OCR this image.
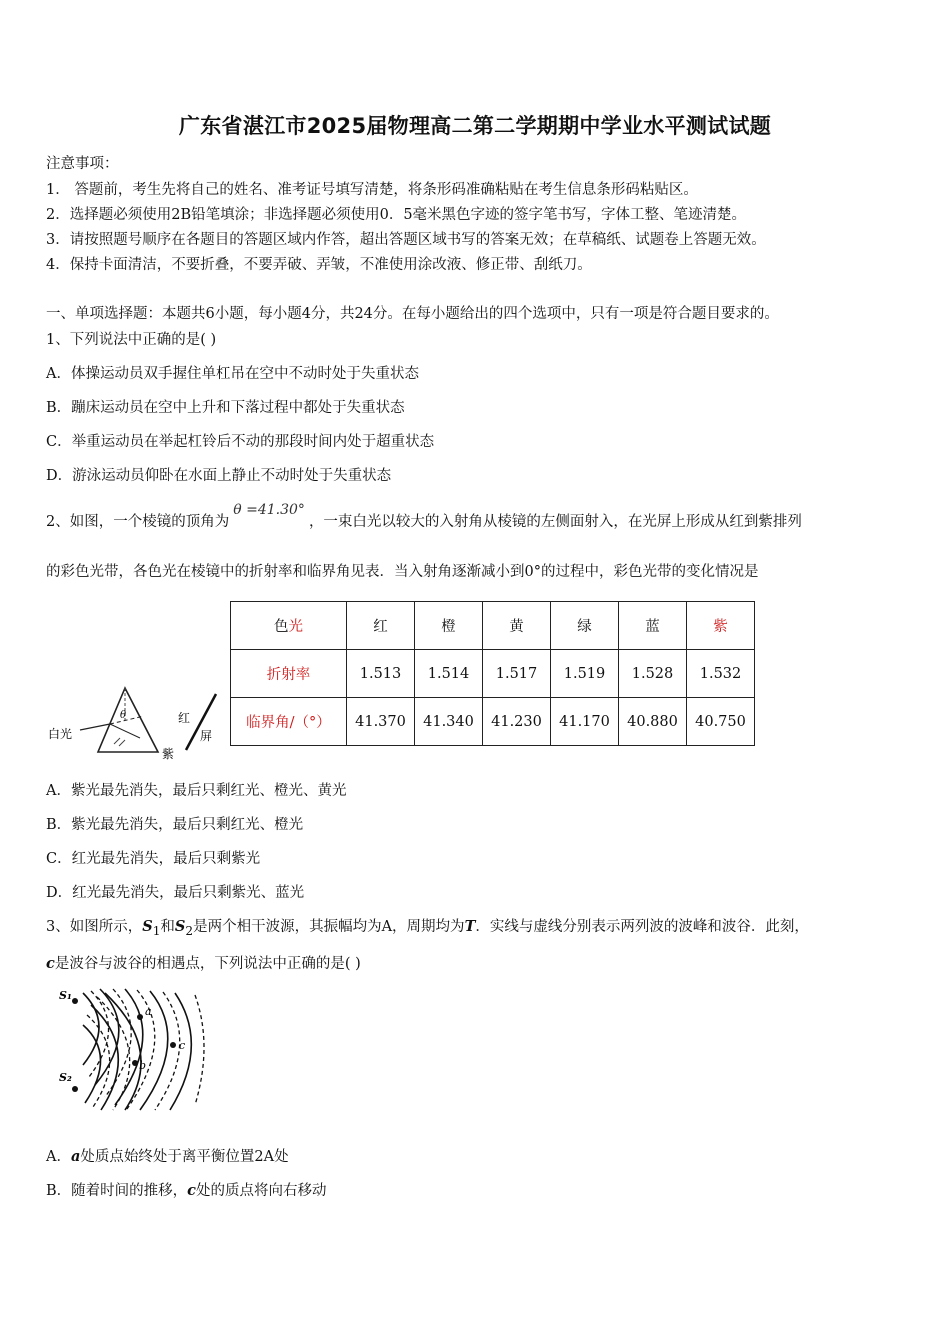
广东省湛江市2025届物理高二第二学期期中学业水平测试试题
注意事项：
1． 答题前，考生先将自己的姓名、准考证号填写清楚，将条形码准确粘贴在考生信息条形码粘贴区。
2．选择题必须使用2B铅笔填涂；非选择题必须使用0．5毫米黑色字迹的签字笔书写，字体工整、笔迹清楚。
3．请按照题号顺序在各题目的答题区域内作答，超出答题区域书写的答案无效；在草稿纸、试题卷上答题无效。
4．保持卡面清洁，不要折叠，不要弄破、弄皱，不准使用涂改液、修正带、刮纸刀。
一、单项选择题：本题共6小题，每小题4分，共24分。在每小题给出的四个选项中，只有一项是符合题目要求的。
1、下列说法中正确的是( )
A．体操运动员双手握住单杠吊在空中不动时处于失重状态
B．蹦床运动员在空中上升和下落过程中都处于失重状态
C．举重运动员在举起杠铃后不动的那段时间内处于超重状态
D．游泳运动员仰卧在水面上静止不动时处于失重状态
2、如图，一个棱镜的顶角为θ =41.30°，一束白光以较大的入射角从棱镜的左侧面射入，在光屏上形成从红到紫排列
的彩色光带，各色光在棱镜中的折射率和临界角见表．当入射角逐渐减小到0°的过程中，彩色光带的变化情况是
白光
θ	红
紫
屏
色光	红	橙	黄	绿	蓝	紫
折射率	1.513	1.514	1.517	1.519	1.528	1.532
临界角/（°）	41.370	41.340	41.230	41.170	40.880	40.750
A．紫光最先消失，最后只剩红光、橙光、黄光
B．紫光最先消失，最后只剩红光、橙光
C．红光最先消失，最后只剩紫光
D．红光最先消失，最后只剩紫光、蓝光
3、如图所示，$S_1$和$S_2$是两个相干波源，其振幅均为A，周期均为T．实线与虚线分别表示两列波的波峰和波谷．此刻，
c是波谷与波谷的相遇点，下列说法中正确的是( )
S₁
S₂
a
b
c
A．a处质点始终处于离平衡位置2A处
B．随着时间的推移，c处的质点将向右移动
